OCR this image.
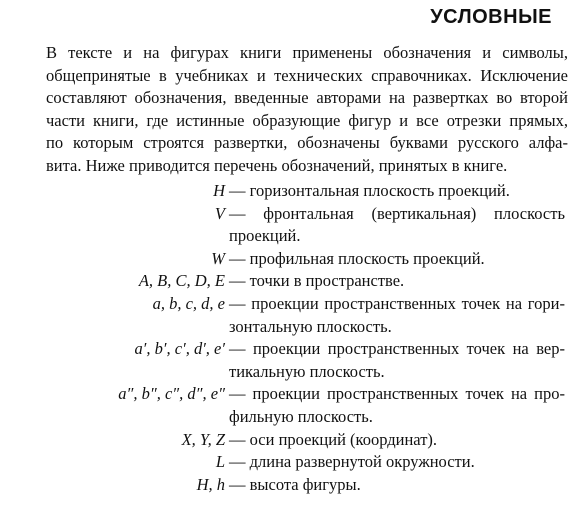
УСЛОВНЫЕ
В тексте и на фигурах книги применены обозначения и символы,
общепринятые в учебниках и технических справочниках. Исключение
составляют обозначения, введенные авторами на развертках во второй
части книги, где истинные образующие фигур и все отрезки прямых,
по которым строятся развертки, обозначены буквами русского алфа-
вита. Ниже приводится перечень обозначений, принятых в книге.
H — горизонтальная плоскость проекций.
V — фронтальная (вертикальная) плоскость
проекций.
W — профильная плоскость проекций.
A, B, C, D, E — точки в пространстве.
a, b, c, d, e — проекции пространственных точек на гори-
зонтальную плоскость.
a′, b′, c′, d′, e′ — проекции пространственных точек на вер-
тикальную плоскость.
a″, b″, c″, d″, e″ — проекции пространственных точек на про-
фильную плоскость.
X, Y, Z — оси проекций (координат).
L — длина развернутой окружности.
H, h — высота фигуры.
